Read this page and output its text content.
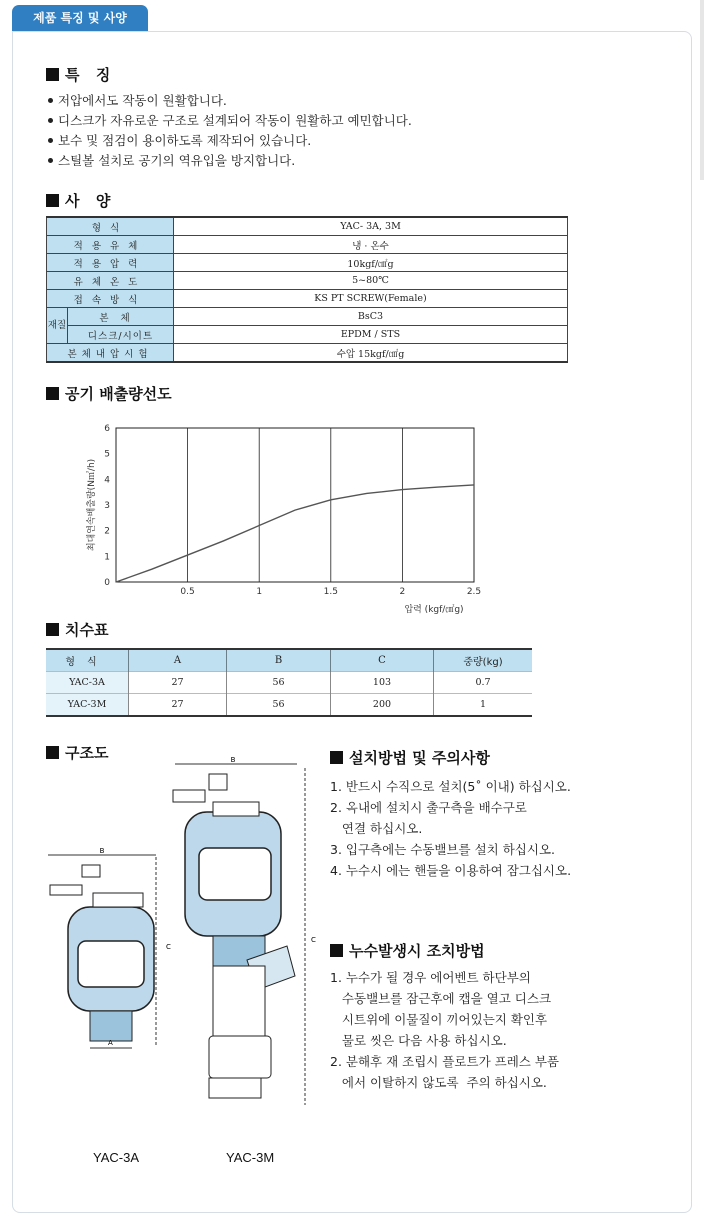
제품 특징 및 사양
특  징
저압에서도 작동이 원활합니다.
디스크가 자유로운 구조로 설계되어 작동이 원활하고 예민합니다.
보수 및 점검이 용이하도록 제작되어 있습니다.
스틸볼 설치로 공기의 역유입을 방지합니다.
사  양
형식		YAC- 3A, 3M
적용유체		냉 · 온수
적용압력		10kgf/㎠g
유체온도		5~80℃
접속방식		KS PT SCREW(Female)
재질	본체	BsC3
	디스크/시이트	EPDM / STS
본체내압시험		수압 15kgf/㎠g
공기 배출량선도
0.5	1	1.5	2	2.5
0
1
2
3
4
5
6
압력 (kgf/㎠g)
최대연속배출량(N㎥/h)
치수표
형식	A	B	C	중량(kg)
YAC-3A	27	56	103	0.7
YAC-3M	27	56	200	1
구조도
B
C
A
B
C
YAC-3A	YAC-3M
설치방법 및 주의사항
1. 반드시 수직으로 설치(5˚ 이내) 하십시오.
2. 옥내에 설치시 출구측을 배수구로
연결 하십시오.
3. 입구측에는 수동밸브를 설치 하십시오.
4. 누수시 에는 핸들을 이용하여 잠그십시오.
누수발생시 조치방법
1. 누수가 될 경우 에어벤트 하단부의
수동밸브를 잠근후에 캡을 열고 디스크
시트위에 이물질이 끼어있는지 확인후
물로 씻은 다음 사용 하십시오.
2. 분해후 재 조립시 플로트가 프레스 부품
에서 이탈하지 않도록  주의 하십시오.
